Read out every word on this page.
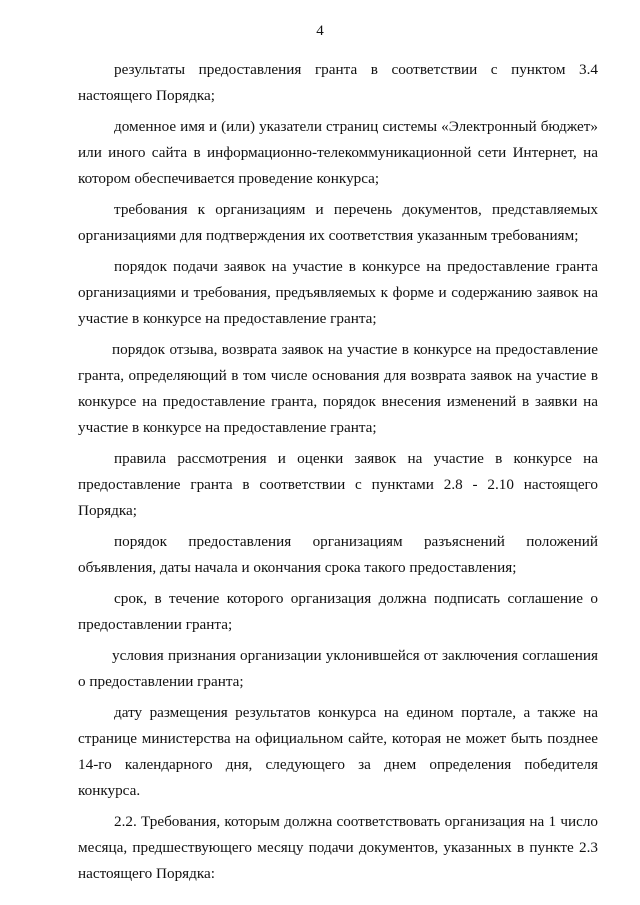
4

результаты предоставления гранта в соответствии с пунктом 3.4 настоящего Порядка;

доменное имя и (или) указатели страниц системы «Электронный бюджет» или иного сайта в информационно-телекоммуникационной сети Интернет, на котором обеспечивается проведение конкурса;

требования к организациям и перечень документов, представляемых организациями для подтверждения их соответствия указанным требованиям;

порядок подачи заявок на участие в конкурсе на предоставление гранта организациями и требования, предъявляемых к форме и содержанию заявок на участие в конкурсе на предоставление гранта;

порядок отзыва, возврата заявок на участие в конкурсе на предоставление гранта, определяющий в том числе основания для возврата заявок на участие в конкурсе на предоставление гранта, порядок внесения изменений в заявки на участие в конкурсе на предоставление гранта;

правила рассмотрения и оценки заявок на участие в конкурсе на предоставление гранта в соответствии с пунктами 2.8 - 2.10 настоящего Порядка;

порядок предоставления организациям разъяснений положений объявления, даты начала и окончания срока такого предоставления;

срок, в течение которого организация должна подписать соглашение о предоставлении гранта;

условия признания организации уклонившейся от заключения соглашения о предоставлении гранта;

дату размещения результатов конкурса на едином портале, а также на странице министерства на официальном сайте, которая не может быть позднее 14-го календарного дня, следующего за днем определения победителя конкурса.

2.2. Требования, которым должна соответствовать организация на 1 число месяца, предшествующего месяцу подачи документов, указанных в пункте 2.3 настоящего Порядка:
